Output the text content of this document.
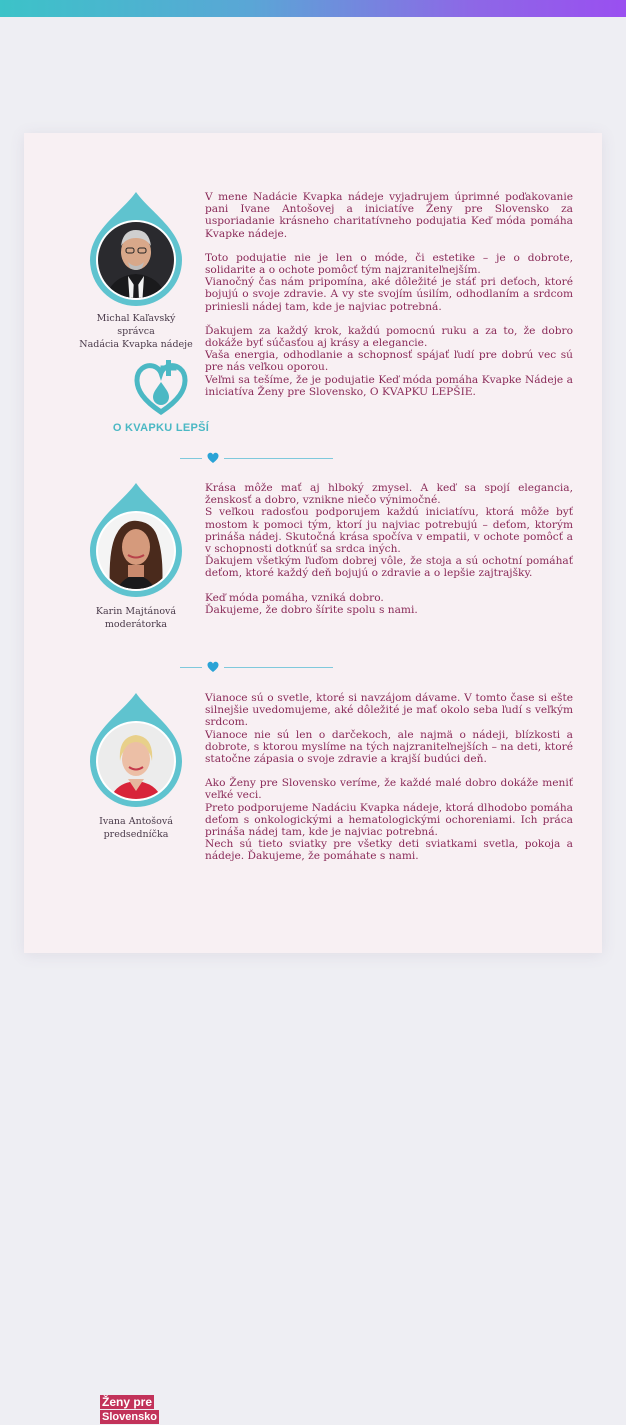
Michal Kaľavský
správca
Nadácia Kvapka nádeje
O KVAPKU LEPŠÍ

V mene Nadácie Kvapka nádeje vyjadrujem úprimné poďakovanie pani Ivane Antošovej a iniciatíve Ženy pre Slovensko za usporiadanie krásneho charitatívneho podujatia Keď móda pomáha Kvapke nádeje.

Toto podujatie nie je len o móde, či estetike – je o dobrote, solidarite a o ochote pomôcť tým najzraniteľnejším.

Vianočný čas nám pripomína, aké dôležité je stáť pri deťoch, ktoré bojujú o svoje zdravie. A vy ste svojím úsilím, odhodlaním a srdcom priniesli nádej tam, kde je najviac potrebná.

Ďakujem za každý krok, každú pomocnú ruku a za to, že dobro dokáže byť súčasťou aj krásy a elegancie.

Vaša energia, odhodlanie a schopnosť spájať ľudí pre dobrú vec sú pre nás veľkou oporou.

Veľmi sa tešíme, že je podujatie Keď móda pomáha Kvapke Nádeje a iniciatíva Ženy pre Slovensko, O KVAPKU LEPŠIE.

Karin Majtánová
moderátorka

Krása môže mať aj hlboký zmysel. A keď sa spojí elegancia, ženskosť a dobro, vznikne niečo výnimočné.

S veľkou radosťou podporujem každú iniciatívu, ktorá môže byť mostom k pomoci tým, ktorí ju najviac potrebujú – deťom, ktorým prináša nádej. Skutočná krása spočíva v empatii, v ochote pomôcť a v schopnosti dotknúť sa srdca iných.

Ďakujem všetkým ľuďom dobrej vôle, že stoja a sú ochotní pomáhať deťom, ktoré každý deň bojujú o zdravie a o lepšie zajtrajšky.

Keď móda pomáha, vzniká dobro.

Ďakujeme, že dobro šírite spolu s nami.

Ivana Antošová
predsedníčka
Ženy pre
Slovensko

Vianoce sú o svetle, ktoré si navzájom dávame. V tomto čase si ešte silnejšie uvedomujeme, aké dôležité je mať okolo seba ľudí s veľkým srdcom.

Vianoce nie sú len o darčekoch, ale najmä o nádeji, blízkosti a dobrote, s ktorou myslíme na tých najzraniteľnejších – na deti, ktoré statočne zápasia o svoje zdravie a krajší budúci deň.

Ako Ženy pre Slovensko veríme, že každé malé dobro dokáže meniť veľké veci.

Preto podporujeme Nadáciu Kvapka nádeje, ktorá dlhodobo pomáha deťom s onkologickými a hematologickými ochoreniami. Ich práca prináša nádej tam, kde je najviac potrebná.

Nech sú tieto sviatky pre všetky deti sviatkami svetla, pokoja a nádeje. Ďakujeme, že pomáhate s nami.
